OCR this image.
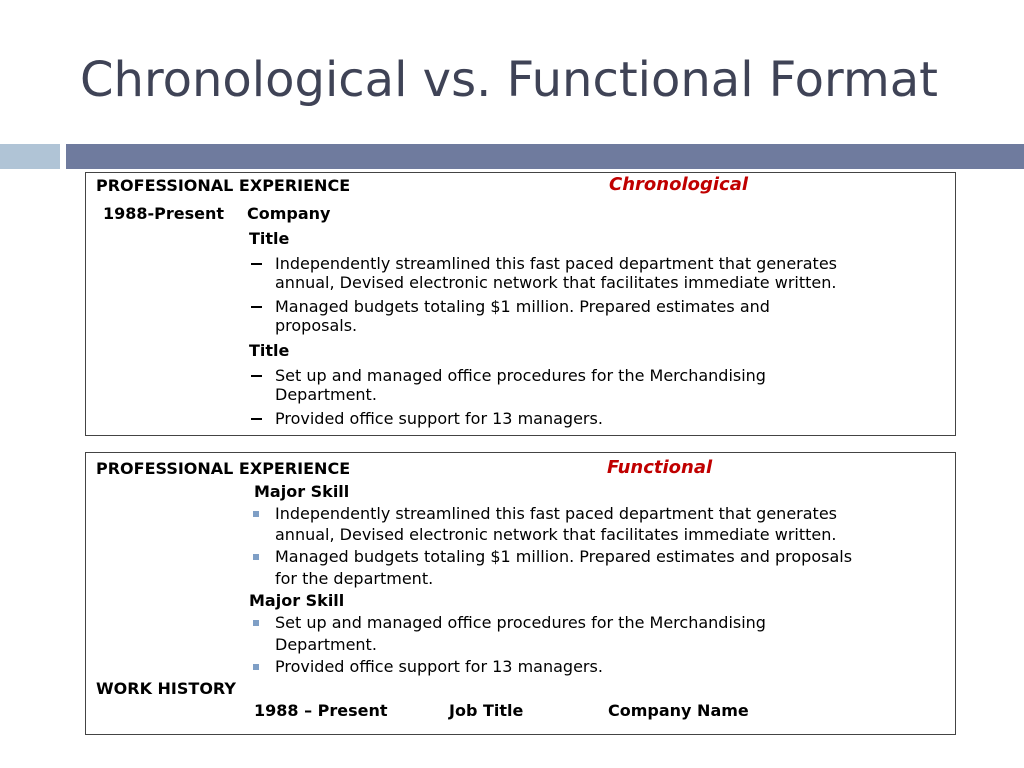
Chronological vs. Functional Format
PROFESSIONAL EXPERIENCE	Chronological
1988-Present Company
Title
Independently streamlined this fast paced department that generates
annual, Devised electronic network that facilitates immediate written.
Managed budgets totaling $1 million. Prepared estimates and
proposals.
Title
Set up and managed office procedures for the Merchandising
Department.
Provided office support for 13 managers.
PROFESSIONAL EXPERIENCE	Functional
Major Skill
Independently streamlined this fast paced department that generates
annual, Devised electronic network that facilitates immediate written.
Managed budgets totaling $1 million. Prepared estimates and proposals
for the department.
Major Skill
Set up and managed office procedures for the Merchandising
Department.
Provided office support for 13 managers.
WORK HISTORY
1988 – Present	Job Title	Company Name
